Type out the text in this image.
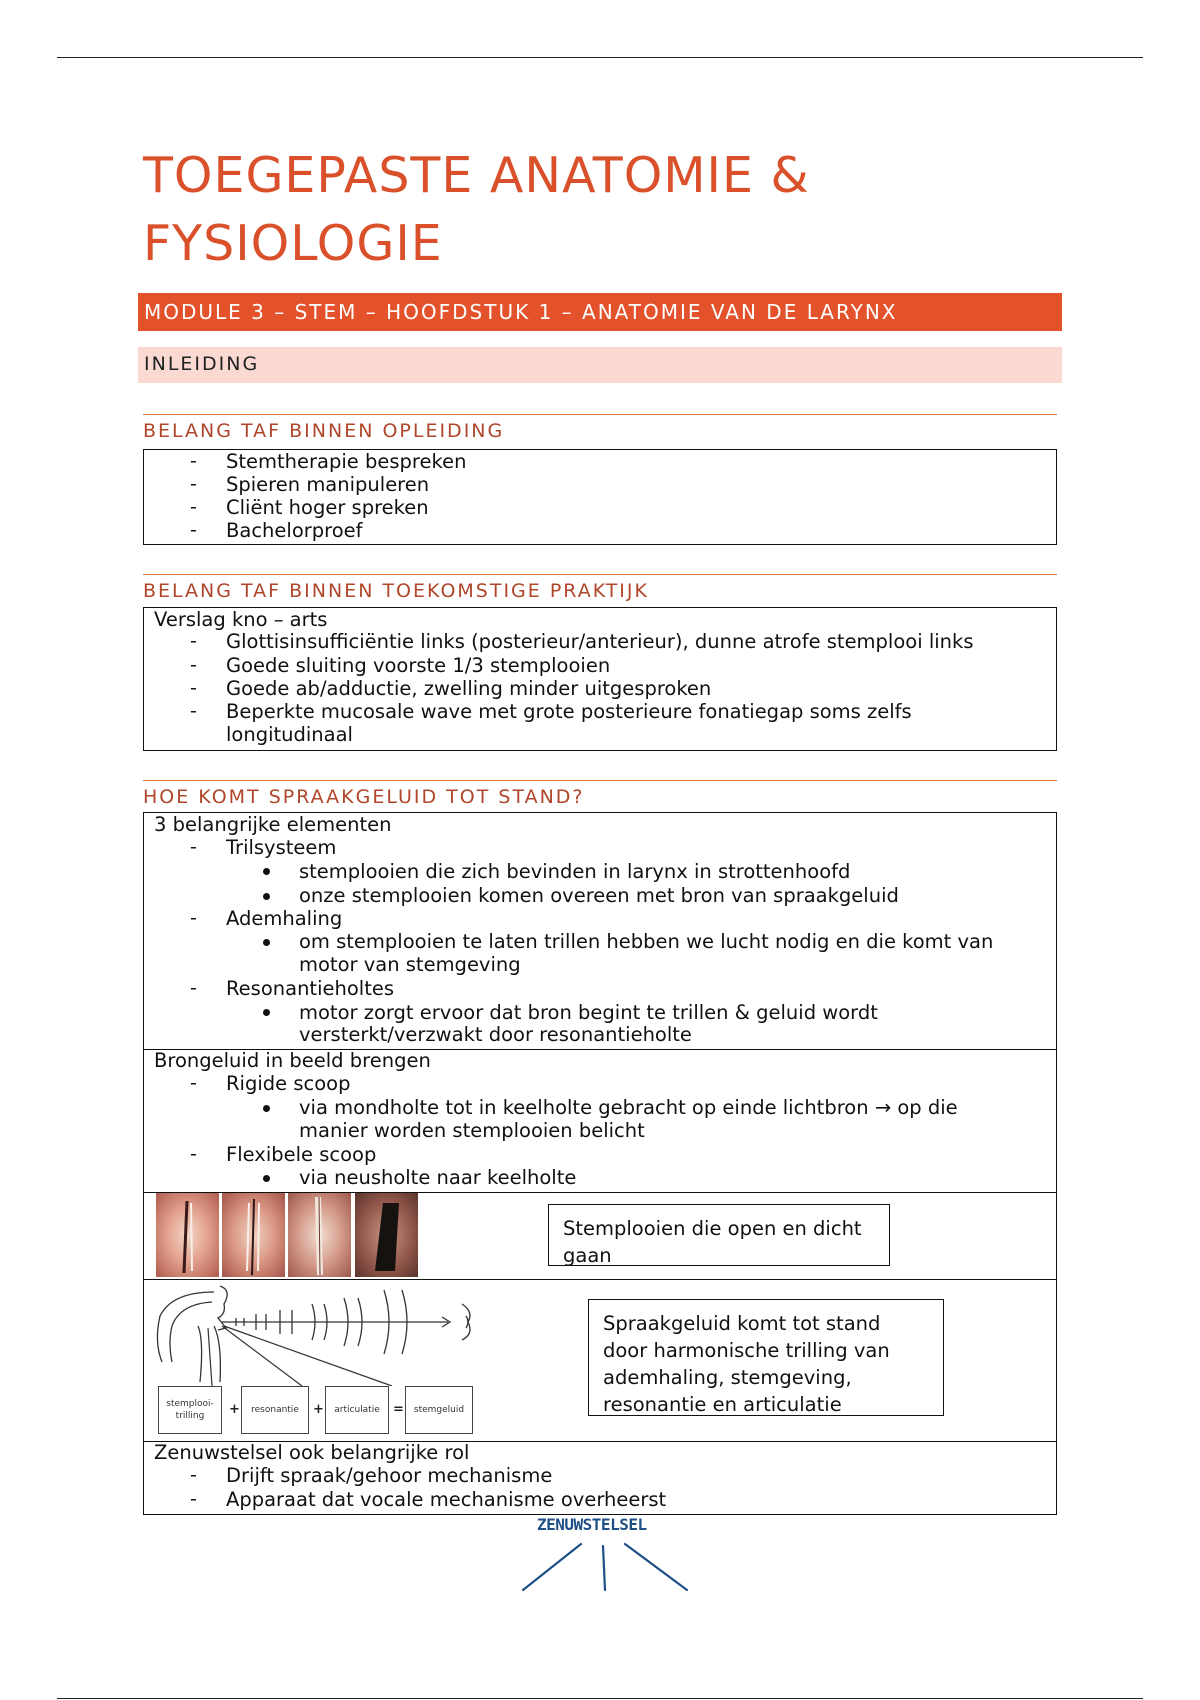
TOEGEPASTE ANATOMIE &
FYSIOLOGIE
MODULE 3 – STEM – HOOFDSTUK 1 – ANATOMIE VAN DE LARYNX
INLEIDING
BELANG TAF BINNEN OPLEIDING
- Stemtherapie bespreken
- Spieren manipuleren
- Cliënt hoger spreken
- Bachelorproef
BELANG TAF BINNEN TOEKOMSTIGE PRAKTIJK
Verslag kno – arts
- Glottisinsufficiëntie links (posterieur/anterieur), dunne atrofe stemplooi links
- Goede sluiting voorste 1/3 stemplooien
- Goede ab/adductie, zwelling minder uitgesproken
- Beperkte mucosale wave met grote posterieure fonatiegap soms zelfs
longitudinaal
HOE KOMT SPRAAKGELUID TOT STAND?
3 belangrijke elementen
- Trilsysteem
stemplooien die zich bevinden in larynx in strottenhoofd
onze stemplooien komen overeen met bron van spraakgeluid
- Ademhaling
om stemplooien te laten trillen hebben we lucht nodig en die komt van
motor van stemgeving
- Resonantieholtes
motor zorgt ervoor dat bron begint te trillen & geluid wordt
versterkt/verzwakt door resonantieholte
Brongeluid in beeld brengen
- Rigide scoop
via mondholte tot in keelholte gebracht op einde lichtbron → op die
manier worden stemplooien belicht
- Flexibele scoop
via neusholte naar keelholte
Stemplooien die open en dicht gaan
stemplooi-trilling	+	resonantie	+	articulatie	=	stemgeluid
Spraakgeluid komt tot stand door harmonische trilling van ademhaling, stemgeving, resonantie en articulatie
Zenuwstelsel ook belangrijke rol
- Drijft spraak/gehoor mechanisme
- Apparaat dat vocale mechanisme overheerst
ZENUWSTELSEL
